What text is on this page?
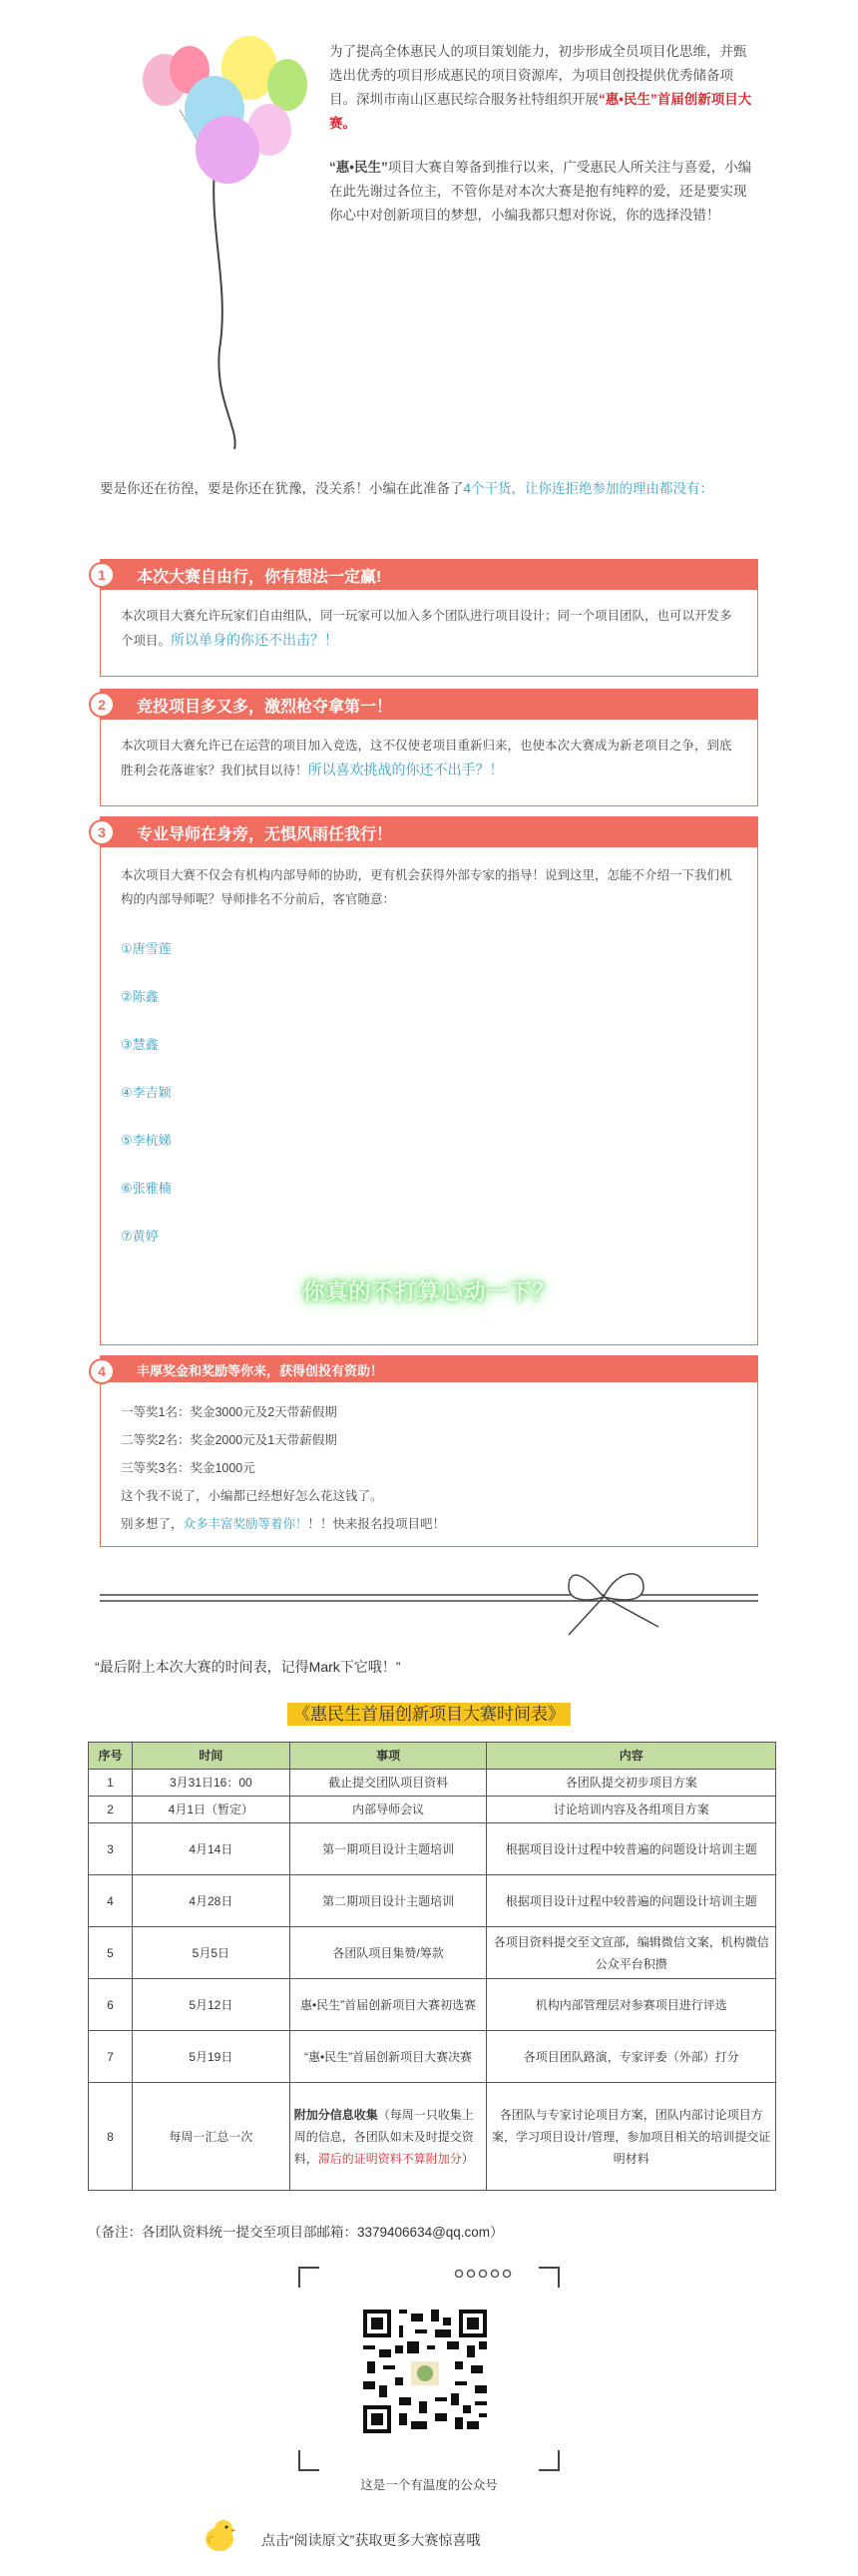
为了提高全体惠民人的项目策划能力，初步形成全员项目化思维，并甄选出优秀的项目形成惠民的项目资源库，为项目创投提供优秀储备项目。深圳市南山区惠民综合服务社特组织开展“惠•民生”首届创新项目大赛。

“惠•民生”项目大赛自筹备到推行以来，广受惠民人所关注与喜爱，小编在此先谢过各位主，不管你是对本次大赛是抱有纯粹的爱，还是要实现你心中对创新项目的梦想，小编我都只想对你说，你的选择没错！

要是你还在彷徨，要是你还在犹豫，没关系！小编在此准备了4个干货，让你连拒绝参加的理由都没有：
1	本次大赛自由行，你有想法一定赢!
本次项目大赛允许玩家们自由组队，同一玩家可以加入多个团队进行项目设计；同一个项目团队，也可以开发多个项目。所以单身的你还不出击？！
2	竞投项目多又多，激烈枪夺拿第一！
本次项目大赛允许已在运营的项目加入竞选，这不仅使老项目重新归来，也使本次大赛成为新老项目之争，到底胜利会花落谁家？我们拭目以待！所以喜欢挑战的你还不出手？！
3	专业导师在身旁，无惧风雨任我行！
本次项目大赛不仅会有机构内部导师的协助，更有机会获得外部专家的指导！说到这里，怎能不介绍一下我们机构的内部导师呢？导师排名不分前后，客官随意：
①唐雪莲
②陈鑫
③慧鑫
④李吉颖
⑤李杭娣
⑥张雅楠
⑦黄婷
你真的不打算心动一下？
4	丰厚奖金和奖励等你来，获得创投有资助！
一等奖1名：奖金3000元及2天带薪假期
二等奖2名：奖金2000元及1天带薪假期
三等奖3名：奖金1000元
这个我不说了，小编都已经想好怎么花这钱了。
别多想了，众多丰富奖励等着你！！！快来报名投项目吧！
“最后附上本次大赛的时间表，记得Mark下它哦！”
《惠民生首届创新项目大赛时间表》
序号	时间	事项	内容
1	3月31日16：00	截止提交团队项目资料	各团队提交初步项目方案
2	4月1日（暂定）	内部导师会议	讨论培训内容及各组项目方案
3	4月14日	第一期项目设计主题培训	根据项目设计过程中较普遍的问题设计培训主题
4	4月28日	第二期项目设计主题培训	根据项目设计过程中较普遍的问题设计培训主题
5	5月5日	各团队项目集赞/筹款	各项目资料提交至文宣部，编辑微信文案，机构微信公众平台积攒
6	5月12日	惠•民生”首届创新项目大赛初选赛	机构内部管理层对参赛项目进行评选
7	5月19日	“惠•民生”首届创新项目大赛决赛	各项目团队路演，专家评委（外部）打分
8	每周一汇总一次	附加分信息收集（每周一只收集上周的信息，各团队如未及时提交资料，滞后的证明资料不算附加分）	各团队与专家讨论项目方案，团队内部讨论项目方案，学习项目设计/管理，参加项目相关的培训提交证明材料
（备注：各团队资料统一提交至项目部邮箱：3379406634@qq.com）
这是一个有温度的公众号
点击“阅读原文”获取更多大赛惊喜哦
